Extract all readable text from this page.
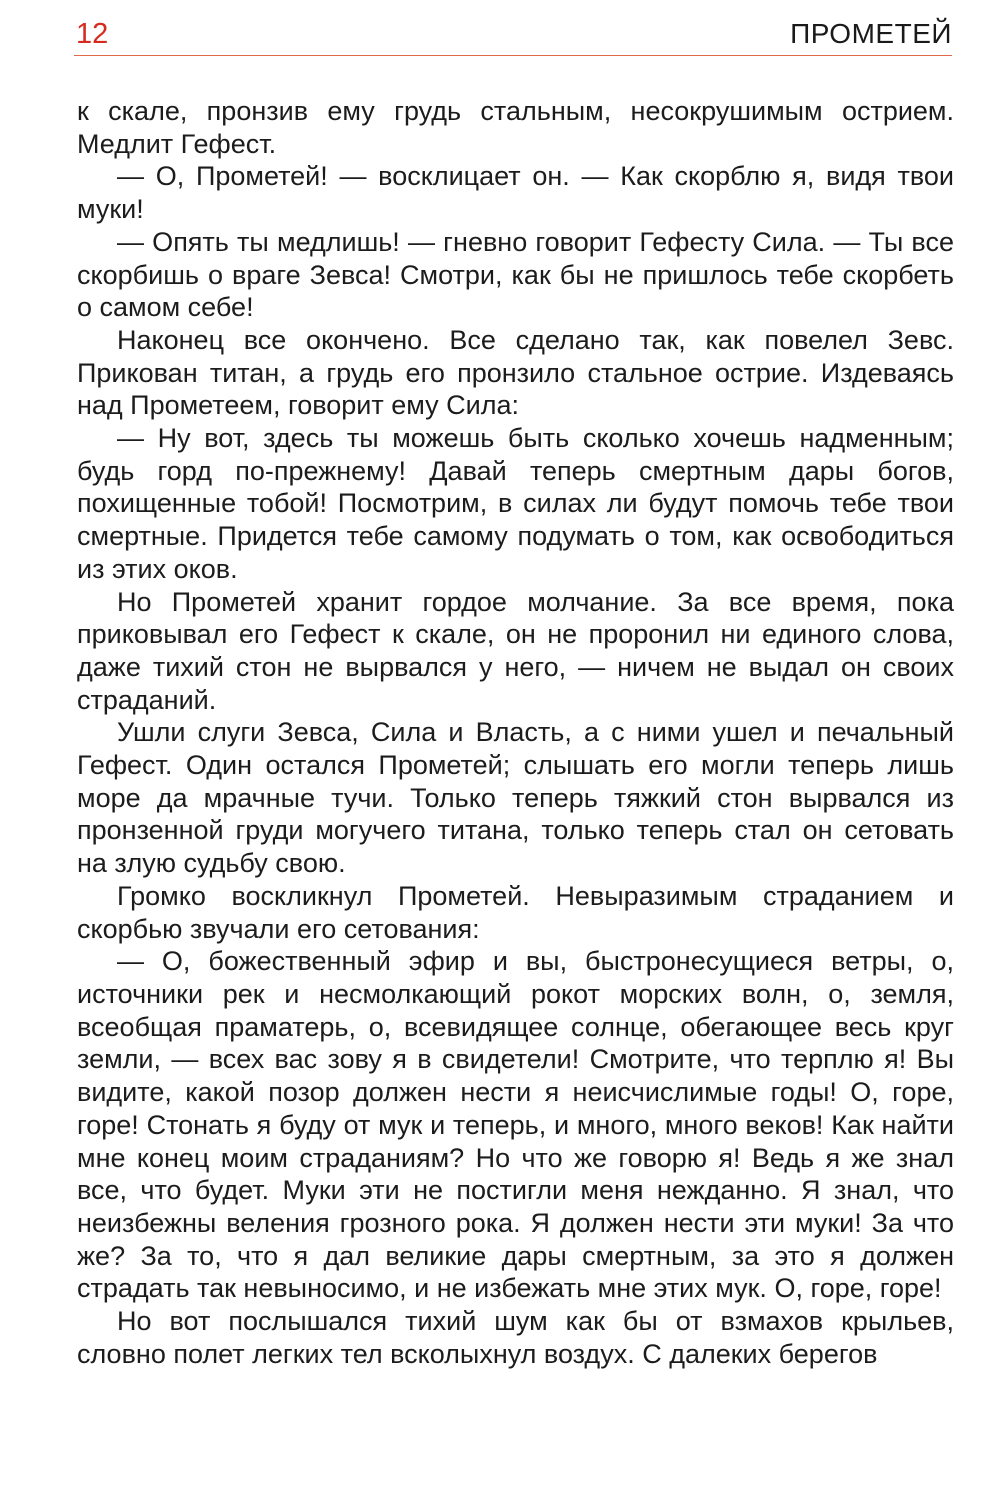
12	ПРОМЕТЕЙ

к скале, пронзив ему грудь стальным, несокрушимым острием. Медлит Гефест.

— О, Прометей! — восклицает он. — Как скорблю я, видя твои муки!

— Опять ты медлишь! — гневно говорит Гефесту Сила. — Ты все скорбишь о враге Зевса! Смотри, как бы не пришлось тебе скорбеть о самом себе!

Наконец все окончено. Все сделано так, как повелел Зевс. Прикован титан, а грудь его пронзило стальное острие. Издеваясь над Прометеем, говорит ему Сила:

— Ну вот, здесь ты можешь быть сколько хочешь надменным; будь горд по-прежнему! Давай теперь смертным дары богов, похищенные тобой! Посмотрим, в силах ли будут помочь тебе твои смертные. Придется тебе самому подумать о том, как освободиться из этих оков.

Но Прометей хранит гордое молчание. За все время, пока приковывал его Гефест к скале, он не проронил ни единого слова, даже тихий стон не вырвался у него, — ничем не выдал он своих страданий.

Ушли слуги Зевса, Сила и Власть, а с ними ушел и печальный Гефест. Один остался Прометей; слышать его могли теперь лишь море да мрачные тучи. Только теперь тяжкий стон вырвался из пронзенной груди могучего титана, только теперь стал он сетовать на злую судьбу свою.

Громко воскликнул Прометей. Невыразимым страданием и скорбью звучали его сетования:

— О, божественный эфир и вы, быстронесущиеся ветры, о, источники рек и несмолкающий рокот морских волн, о, земля, всеобщая праматерь, о, всевидящее солнце, обегающее весь круг земли, — всех вас зову я в свидетели! Смотрите, что терплю я! Вы видите, какой позор должен нести я неисчислимые годы! О, горе, горе! Стонать я буду от мук и теперь, и много, много веков! Как найти мне конец моим страданиям? Но что же говорю я! Ведь я же знал все, что будет. Муки эти не постигли меня нежданно. Я знал, что неизбежны веления грозного рока. Я должен нести эти муки! За что же? За то, что я дал великие дары смертным, за это я должен страдать так невыносимо, и не избежать мне этих мук. О, горе, горе!

Но вот послышался тихий шум как бы от взмахов крыльев, словно полет легких тел всколыхнул воздух. С далеких берегов
